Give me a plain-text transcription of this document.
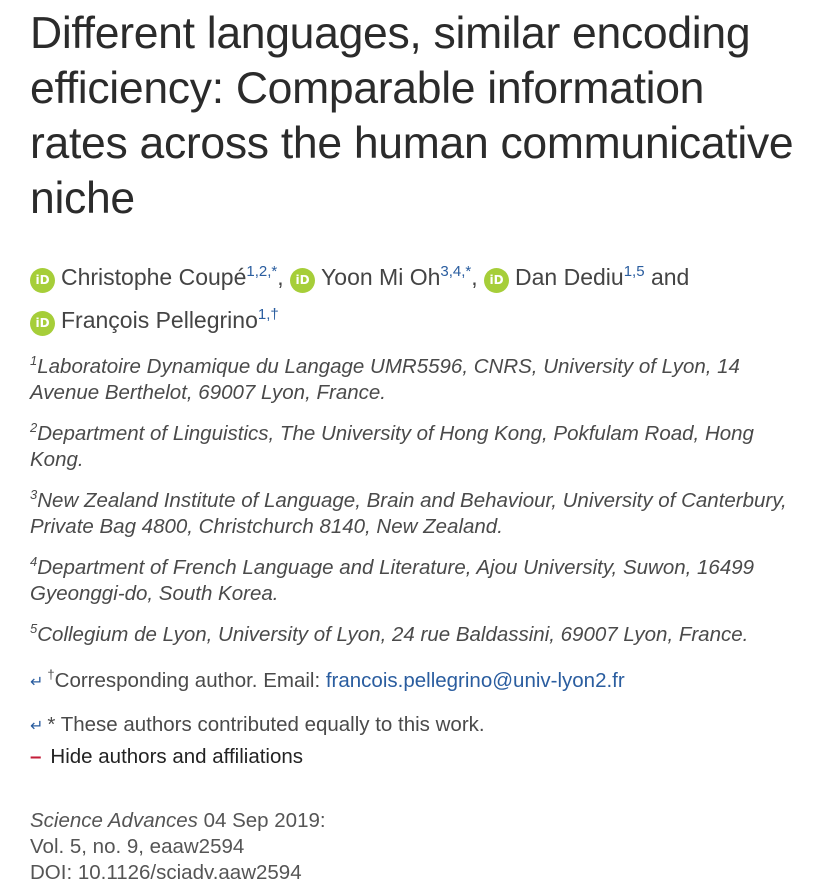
Different languages, similar encoding efficiency: Comparable information rates across the human communicative niche
iD Christophe Coupé$^{1,2,*}$, iD Yoon Mi $Oh^{3,4,*}$, iD Dan Dediu$^{1,5}$ and
iD François Pellegrino$^{1,\dagger}$
$^1$Laboratoire Dynamique du Langage UMR5596, CNRS, University of Lyon, 14 Avenue Berthelot, 69007 Lyon, France.
$^2$Department of Linguistics, The University of Hong Kong, Pokfulam Road, Hong Kong.
$^3$New Zealand Institute of Language, Brain and Behaviour, University of Canterbury, Private Bag 4800, Christchurch 8140, New Zealand.
$^4$Department of French Language and Literature, Ajou University, Suwon, 16499 Gyeonggi-do, South Korea.
$^5$Collegium de Lyon, University of Lyon, 24 rue Baldassini, 69007 Lyon, France.
↵ †Corresponding author. Email: francois.pellegrino@univ-lyon2.fr
↵ * These authors contributed equally to this work.
– Hide authors and affiliations
Science Advances 04 Sep 2019:
Vol. 5, no. 9, eaaw2594
DOI: 10.1126/sciadv.aaw2594
